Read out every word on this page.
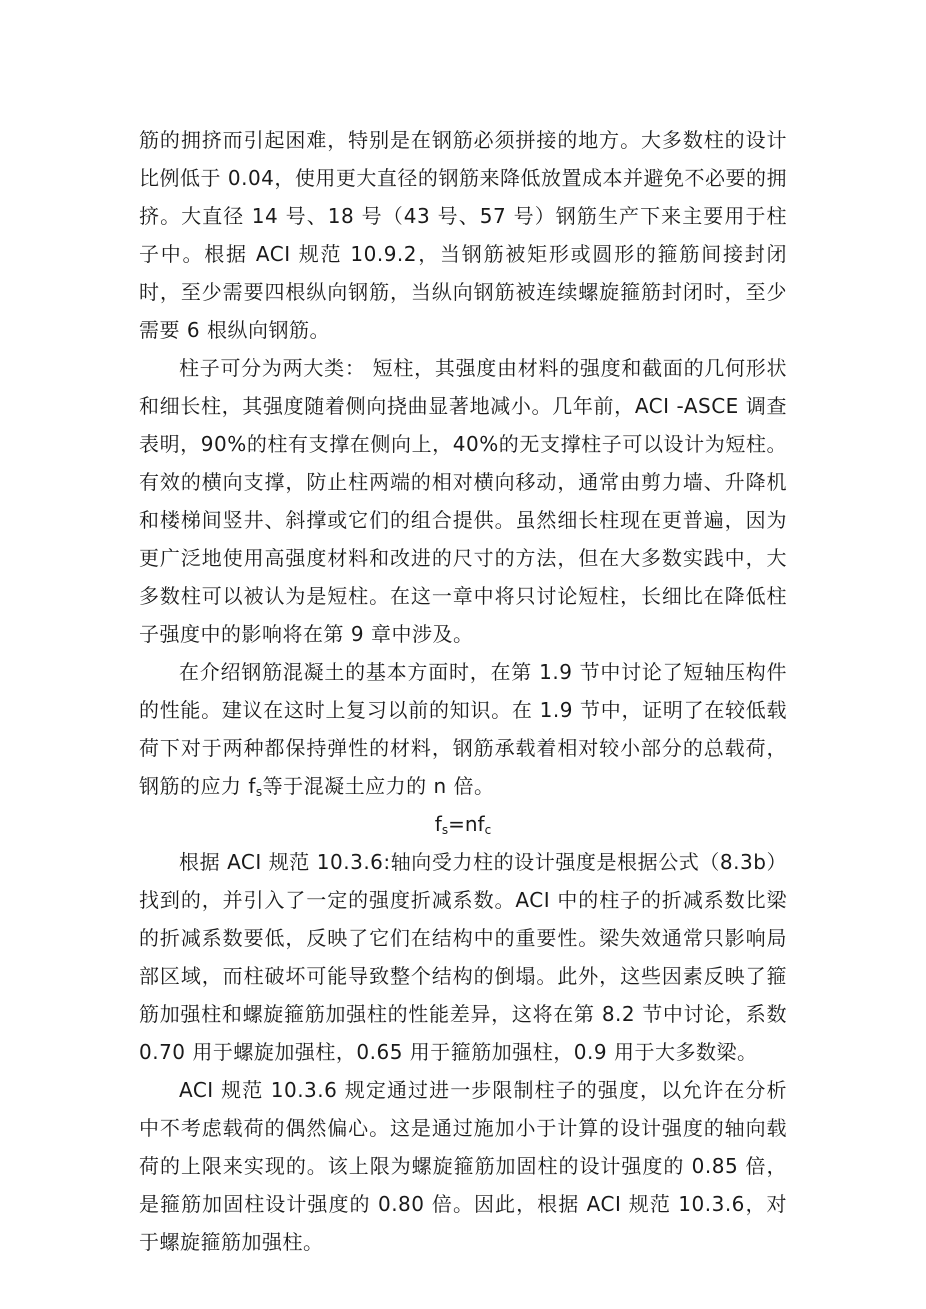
筋的拥挤而引起困难，特别是在钢筋必须拼接的地方。大多数柱的设计比例低于 0.04，使用更大直径的钢筋来降低放置成本并避免不必要的拥挤。大直径 14 号、18 号（43 号、57 号）钢筋生产下来主要用于柱子中。根据 ACI 规范 10.9.2，当钢筋被矩形或圆形的箍筋间接封闭时，至少需要四根纵向钢筋，当纵向钢筋被连续螺旋箍筋封闭时，至少需要 6 根纵向钢筋。

柱子可分为两大类： 短柱，其强度由材料的强度和截面的几何形状和细长柱，其强度随着侧向挠曲显著地减小。几年前，ACI -ASCE 调查表明，90%的柱有支撑在侧向上，40%的无支撑柱子可以设计为短柱。有效的横向支撑，防止柱两端的相对横向移动，通常由剪力墙、升降机和楼梯间竖井、斜撑或它们的组合提供。虽然细长柱现在更普遍，因为更广泛地使用高强度材料和改进的尺寸的方法，但在大多数实践中，大多数柱可以被认为是短柱。在这一章中将只讨论短柱，长细比在降低柱子强度中的影响将在第 9 章中涉及。

在介绍钢筋混凝土的基本方面时，在第 1.9 节中讨论了短轴压构件的性能。建议在这时上复习以前的知识。在 1.9 节中，证明了在较低载荷下对于两种都保持弹性的材料，钢筋承载着相对较小部分的总载荷，钢筋的应力 $f_s$等于混凝土应力的 n 倍。

$f_s=nf_c$

根据 ACI 规范 10.3.6:轴向受力柱的设计强度是根据公式（8.3b）找到的，并引入了一定的强度折减系数。ACI 中的柱子的折减系数比梁的折减系数要低，反映了它们在结构中的重要性。梁失效通常只影响局部区域，而柱破坏可能导致整个结构的倒塌。此外，这些因素反映了箍筋加强柱和螺旋箍筋加强柱的性能差异，这将在第 8.2 节中讨论，系数 0.70 用于螺旋加强柱，0.65 用于箍筋加强柱，0.9 用于大多数梁。

ACI 规范 10.3.6 规定通过进一步限制柱子的强度，以允许在分析中不考虑载荷的偶然偏心。这是通过施加小于计算的设计强度的轴向载荷的上限来实现的。该上限为螺旋箍筋加固柱的设计强度的 0.85 倍，是箍筋加固柱设计强度的 0.80 倍。因此，根据 ACI 规范 10.3.6，对于螺旋箍筋加强柱。
